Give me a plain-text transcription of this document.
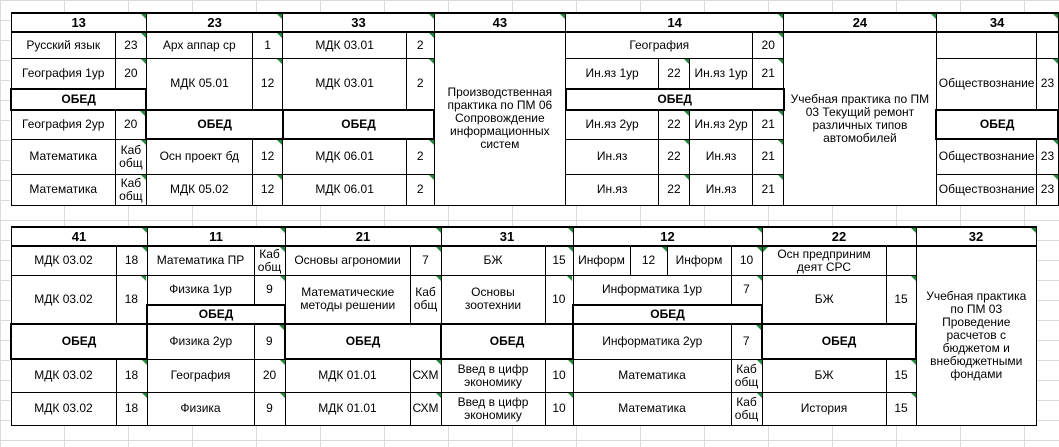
13		23		33		43	14				24	34	
Русский язык	23	Арх аппар ср	1	МДК 03.01	2	Производственная практика по ПМ 06 Сопровождение информационных систем	География			20	Учебная практика по ПМ 03 Текущий ремонт различных типов автомобилей		
География 1ур	20	МДК 05.01	12	МДК 03.01	2		Ин.яз 1ур	22	Ин.яз 1ур	21		Обществознание	23
ОБЕД							ОБЕД						
География 2ур	20	ОБЕД		ОБЕД			Ин.яз 2ур	22	Ин.яз 2ур	21		ОБЕД	
Математика	Каб общ	Осн проект бд	12	МДК 06.01	2		Ин.яз	22	Ин.яз	21		Обществознание	23
Математика	Каб общ	МДК 05.02	12	МДК 06.01	2		Ин.яз	22	Ин.яз	21		Обществознание	23
41		11		21		31		12				22		32
МДК 03.02	18	Математика ПР	Каб общ	Основы агрономии	7	БЖ	15	Информ	12	Информ	10	Осн предприним деят СРС		Учебная практика по ПМ 03 Проведение расчетов с бюджетом и внебюджетными фондами
МДК 03.02	18	Физика 1ур	9	Математические методы решении	Каб общ	Основы зоотехнии	10	Информатика 1ур			7	БЖ	15	
		ОБЕД						ОБЕД						
ОБЕД		Физика 2ур	9	ОБЕД		ОБЕД		Информатика 2ур			7	ОБЕД		
МДК 03.02	18	География	20	МДК 01.01	СХМ	Введ в цифр экономику	10	Математика			Каб общ	БЖ	15	
МДК 03.02	18	Физика	9	МДК 01.01	СХМ	Введ в цифр экономику	10	Математика			Каб общ	История	15	
